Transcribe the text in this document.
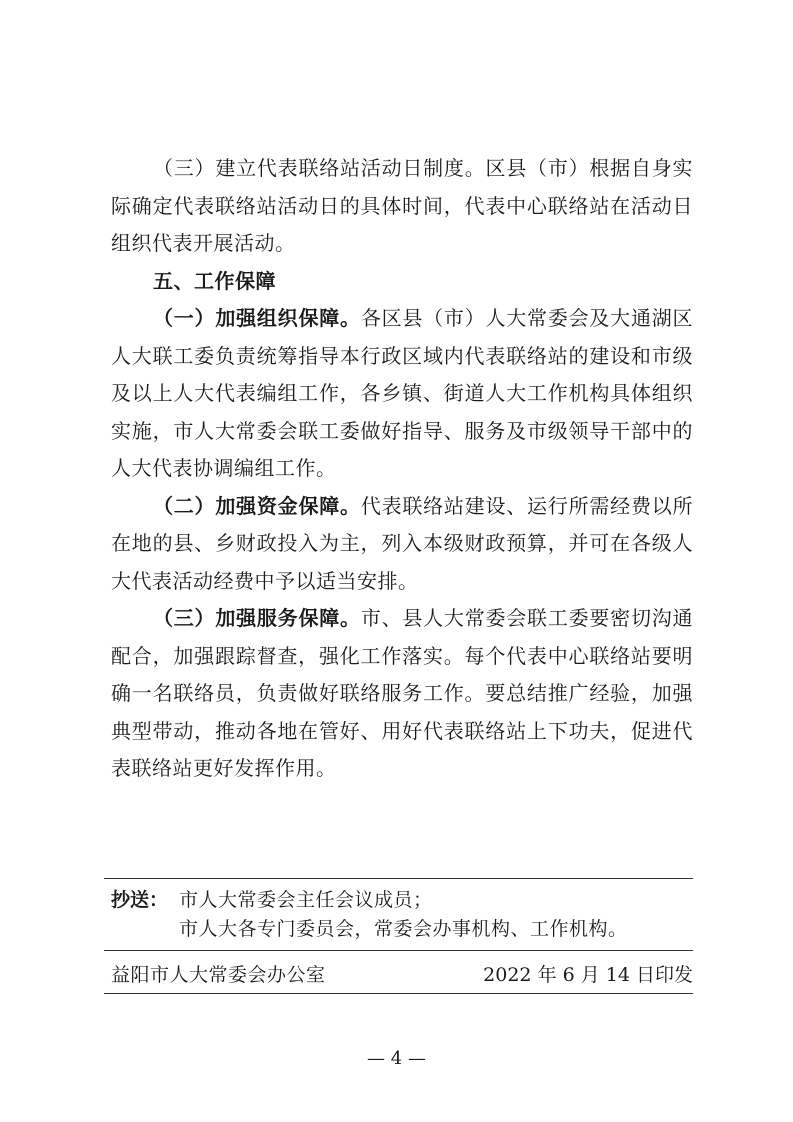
（三）建立代表联络站活动日制度。区县（市）根据自身实际确定代表联络站活动日的具体时间，代表中心联络站在活动日组织代表开展活动。

五、工作保障

（一）加强组织保障。各区县（市）人大常委会及大通湖区人大联工委负责统筹指导本行政区域内代表联络站的建设和市级及以上人大代表编组工作，各乡镇、街道人大工作机构具体组织实施，市人大常委会联工委做好指导、服务及市级领导干部中的人大代表协调编组工作。

（二）加强资金保障。代表联络站建设、运行所需经费以所在地的县、乡财政投入为主，列入本级财政预算，并可在各级人大代表活动经费中予以适当安排。

（三）加强服务保障。市、县人大常委会联工委要密切沟通配合，加强跟踪督查，强化工作落实。每个代表中心联络站要明确一名联络员，负责做好联络服务工作。要总结推广经验，加强典型带动，推动各地在管好、用好代表联络站上下功夫，促进代表联络站更好发挥作用。

抄送： 市人大常委会主任会议成员；
市人大各专门委员会，常委会办事机构、工作机构。
益阳市人大常委会办公室	2022 年 6 月 14 日印发
— 4 —
